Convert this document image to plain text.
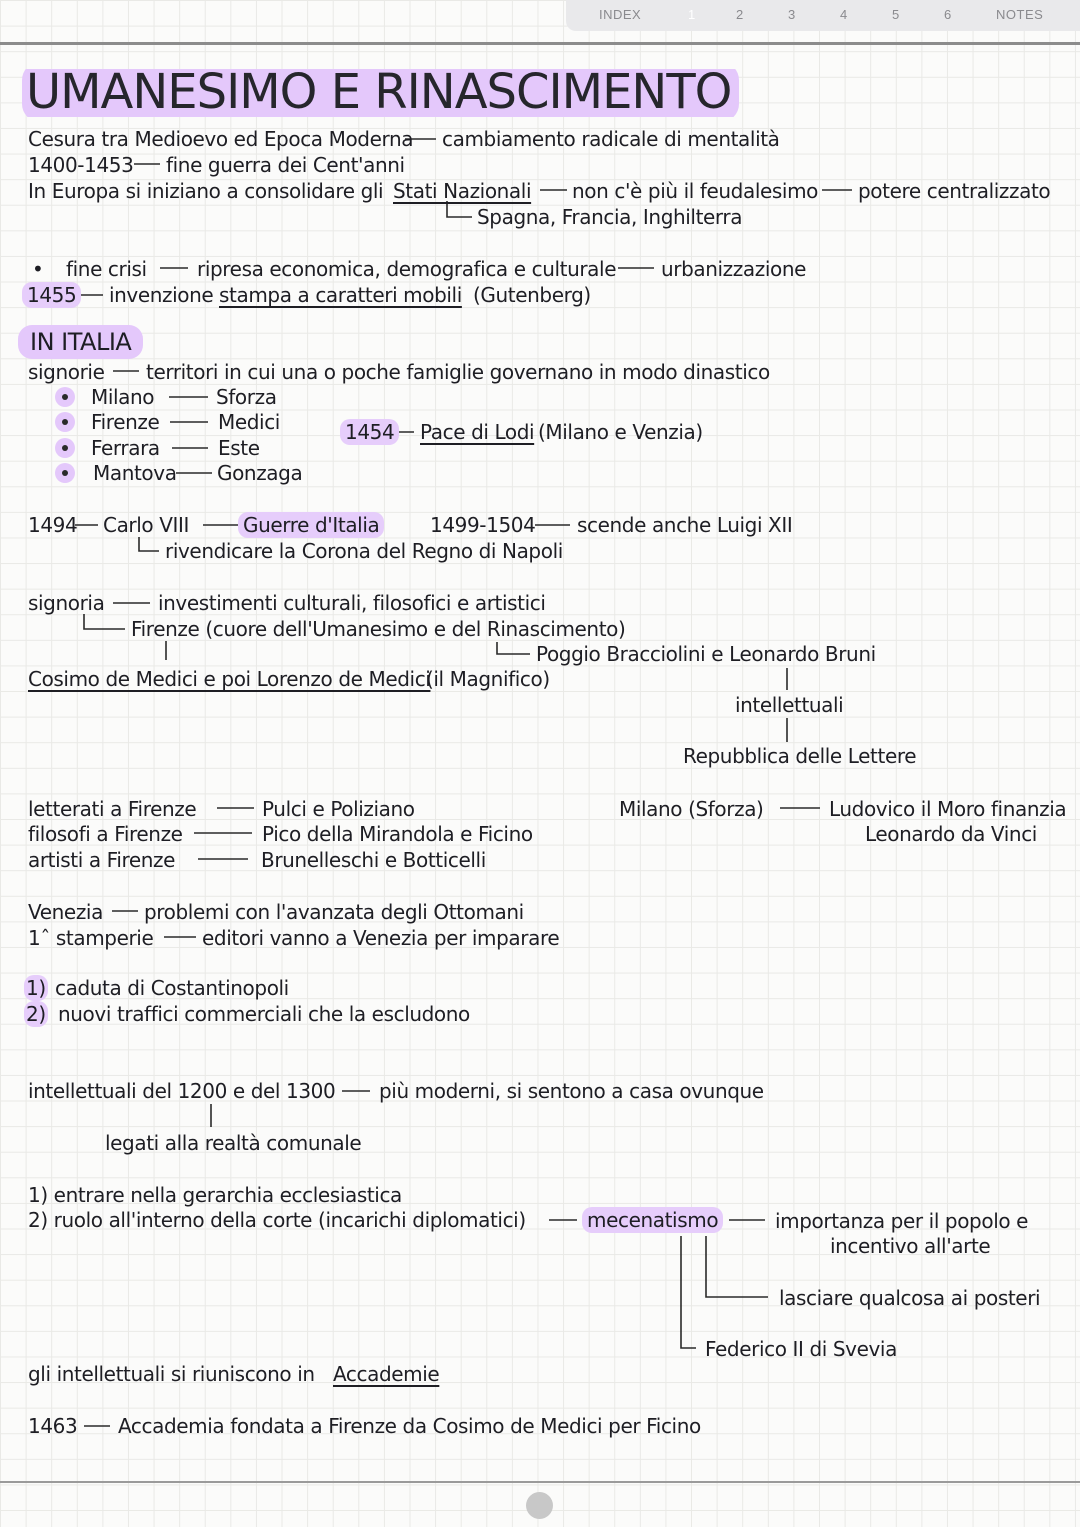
INDEX	1	2	3	4	5	6	NOTES
UMANESIMO E RINASCIMENTO
Cesura tra Medioevo ed Epoca Moderna cambiamento radicale di mentalità
1400-1453 fine guerra dei Cent'anni
In Europa si iniziano a consolidare gli Stati Nazionali non c'è più il feudalesimo potere centralizzato
Spagna, Francia, Inghilterra
• fine crisi	ripresa economica, demografica e culturale urbanizzazione
1455 invenzione stampa a caratteri mobili (Gutenberg)
IN ITALIA
signorie territori in cui una o poche famiglie governano in modo dinastico
Milano	Sforza
Firenze	Medici
Ferrara	Este
Mantova Gonzaga
1454 Pace di Lodi (Milano e Venzia)
1494 Carlo VIII	Guerre d'Italia	1499-1504 scende anche Luigi XII
rivendicare la Corona del Regno di Napoli
signoria	investimenti culturali, filosofici e artistici
Firenze (cuore dell'Umanesimo e del Rinascimento)
Poggio Bracciolini e Leonardo Bruni
Cosimo de Medici e poi Lorenzo de Medici
(il Magnifico)
intellettuali
Repubblica delle Lettere
letterati a Firenze	Pulci e Poliziano
filosofi a Firenze	Pico della Mirandola e Ficino
artisti a Firenze	Brunelleschi e Botticelli
Milano (Sforza)	Ludovico il Moro finanzia
Leonardo da Vinci
Venezia problemi con l'avanzata degli Ottomani
1ˆ stamperie editori vanno a Venezia per imparare
1) caduta di Costantinopoli
2) nuovi traffici commerciali che la escludono
intellettuali del 1200 e del 1300 più moderni, si sentono a casa ovunque
legati alla realtà comunale
1) entrare nella gerarchia ecclesiastica
2) ruolo all'interno della corte (incarichi diplomatici)	mecenatismo	importanza per il popolo e
incentivo all'arte
lasciare qualcosa ai posteri
Federico II di Svevia
gli intellettuali si riuniscono in Accademie
1463 Accademia fondata a Firenze da Cosimo de Medici per Ficino
